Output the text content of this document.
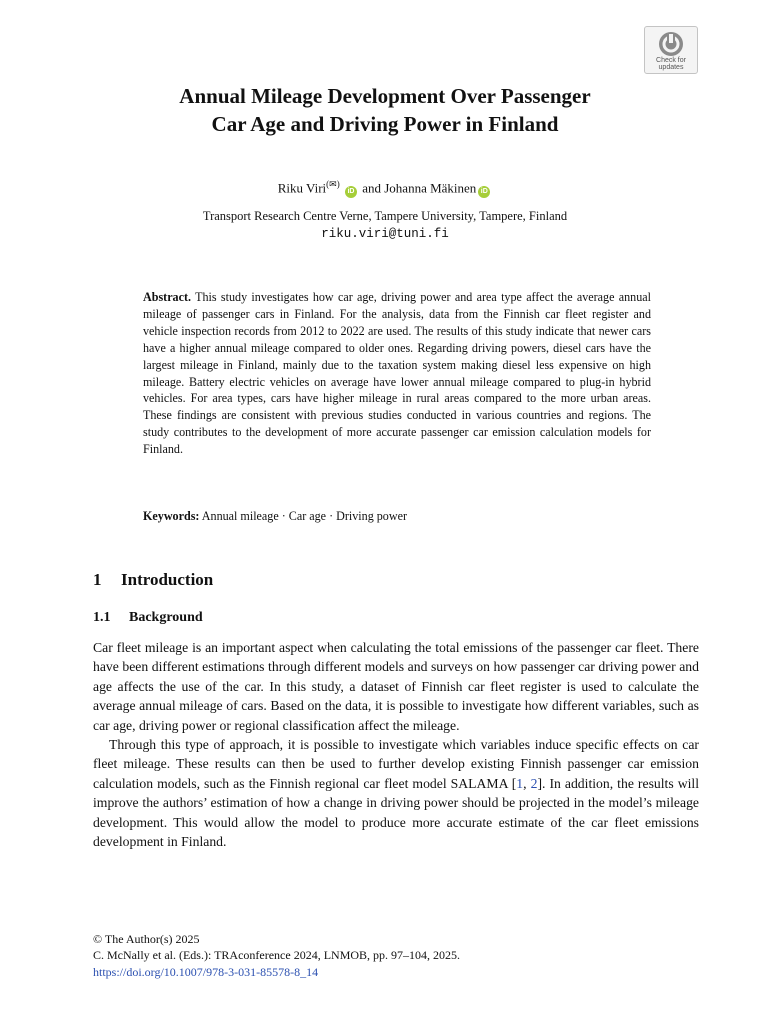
Check for
updates
Annual Mileage Development Over Passenger
Car Age and Driving Power in Finland
Riku Viri(✉) iD and Johanna Mäkinen iD
Transport Research Centre Verne, Tampere University, Tampere, Finland
riku.viri@tuni.fi
Abstract. This study investigates how car age, driving power and area type affect the average annual mileage of passenger cars in Finland. For the analysis, data from the Finnish car fleet register and vehicle inspection records from 2012 to 2022 are used. The results of this study indicate that newer cars have a higher annual mileage compared to older ones. Regarding driving powers, diesel cars have the largest mileage in Finland, mainly due to the taxation system making diesel less expensive on high mileage. Battery electric vehicles on average have lower annual mileage compared to plug-in hybrid vehicles. For area types, cars have higher mileage in rural areas compared to the more urban areas. These findings are consistent with previous studies conducted in various countries and regions. The study contributes to the development of more accurate passenger car emission calculation models for Finland.
Keywords: Annual mileage · Car age · Driving power
1 Introduction
1.1 Background

Car fleet mileage is an important aspect when calculating the total emissions of the passenger car fleet. There have been different estimations through different models and surveys on how passenger car driving power and age affects the use of the car. In this study, a dataset of Finnish car fleet register is used to calculate the average annual mileage of cars. Based on the data, it is possible to investigate how different variables, such as car age, driving power or regional classification affect the mileage.

Through this type of approach, it is possible to investigate which variables induce specific effects on car fleet mileage. These results can then be used to further develop existing Finnish passenger car emission calculation models, such as the Finnish regional car fleet model SALAMA [1, 2]. In addition, the results will improve the authors’ estimation of how a change in driving power should be projected in the model’s mileage development. This would allow the model to produce more accurate estimate of the car fleet emissions development in Finland.

© The Author(s) 2025
C. McNally et al. (Eds.): TRAconference 2024, LNMOB, pp. 97–104, 2025.
https://doi.org/10.1007/978-3-031-85578-8_14
